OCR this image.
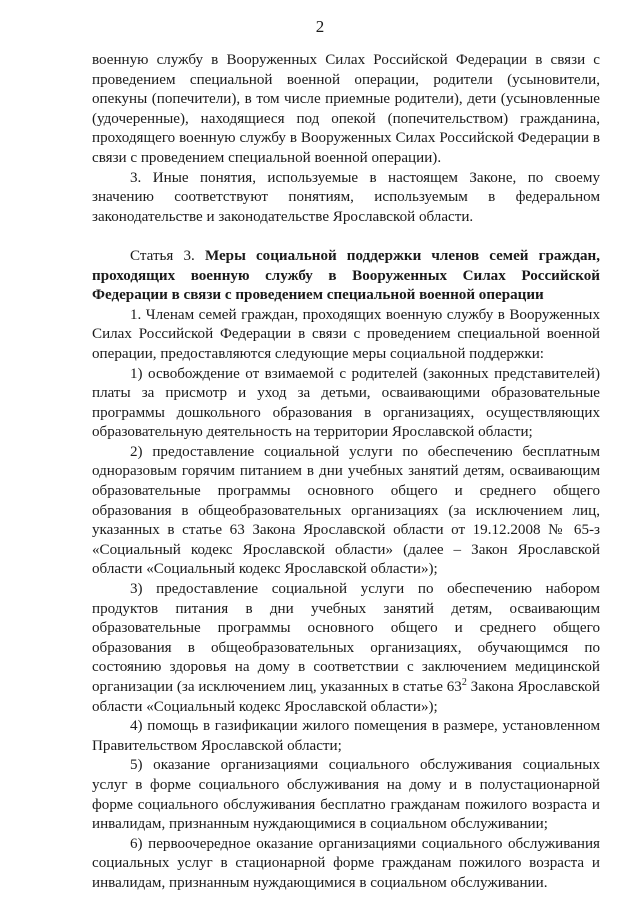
2

военную службу в Вооруженных Силах Российской Федерации в связи с проведением специальной военной операции, родители (усыновители, опекуны (попечители), в том числе приемные родители), дети (усыновленные (удочеренные), находящиеся под опекой (попечительством) гражданина, проходящего военную службу в Вооруженных Силах Российской Федерации в связи с проведением специальной военной операции).

3. Иные понятия, используемые в настоящем Законе, по своему значению соответствуют понятиям, используемым в федеральном законодательстве и законодательстве Ярославской области.

Статья 3. Меры социальной поддержки членов семей граждан, проходящих военную службу в Вооруженных Силах Российской Федерации в связи с проведением специальной военной операции

1. Членам семей граждан, проходящих военную службу в Вооруженных Силах Российской Федерации в связи с проведением специальной военной операции, предоставляются следующие меры социальной поддержки:

1) освобождение от взимаемой с родителей (законных представителей) платы за присмотр и уход за детьми, осваивающими образовательные программы дошкольного образования в организациях, осуществляющих образовательную деятельность на территории Ярославской области;

2) предоставление социальной услуги по обеспечению бесплатным одноразовым горячим питанием в дни учебных занятий детям, осваивающим образовательные программы основного общего и среднего общего образования в общеобразовательных организациях (за исключением лиц, указанных в статье 63 Закона Ярославской области от 19.12.2008 № 65-з «Социальный кодекс Ярославской области» (далее – Закон Ярославской области «Социальный кодекс Ярославской области»);

3) предоставление социальной услуги по обеспечению набором продуктов питания в дни учебных занятий детям, осваивающим образовательные программы основного общего и среднего общего образования в общеобразовательных организациях, обучающимся по состоянию здоровья на дому в соответствии с заключением медицинской организации (за исключением лиц, указанных в статье $63^2$ Закона Ярославской области «Социальный кодекс Ярославской области»);

4) помощь в газификации жилого помещения в размере, установленном Правительством Ярославской области;

5) оказание организациями социального обслуживания социальных услуг в форме социального обслуживания на дому и в полустационарной форме социального обслуживания бесплатно гражданам пожилого возраста и инвалидам, признанным нуждающимися в социальном обслуживании;

6) первоочередное оказание организациями социального обслуживания социальных услуг в стационарной форме гражданам пожилого возраста и инвалидам, признанным нуждающимися в социальном обслуживании.
